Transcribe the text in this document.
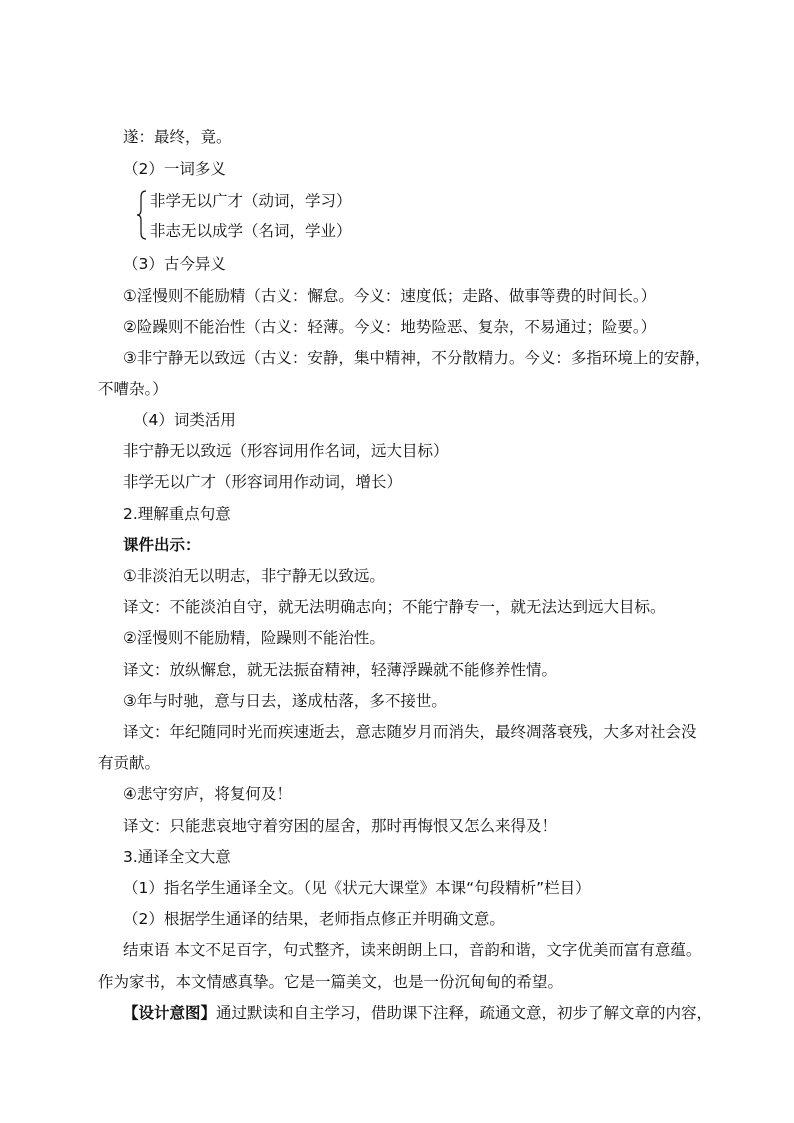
遂：最终，竟。
（2）一词多义
非学无以广才（动词，学习）
非志无以成学（名词，学业）
（3）古今异义
①淫慢则不能励精（古义：懈怠。今义：速度低；走路、做事等费的时间长。）
②险躁则不能治性（古义：轻薄。今义：地势险恶、复杂，不易通过；险要。）
③非宁静无以致远（古义：安静，集中精神，不分散精力。今义：多指环境上的安静，
不嘈杂。）
（4）词类活用
非宁静无以致远（形容词用作名词，远大目标）
非学无以广才（形容词用作动词，增长）
2.理解重点句意
课件出示：
①非淡泊无以明志，非宁静无以致远。
译文：不能淡泊自守，就无法明确志向；不能宁静专一，就无法达到远大目标。
②淫慢则不能励精，险躁则不能治性。
译文：放纵懈怠，就无法振奋精神，轻薄浮躁就不能修养性情。
③年与时驰，意与日去，遂成枯落，多不接世。
译文：年纪随同时光而疾速逝去，意志随岁月而消失，最终凋落衰残，大多对社会没
有贡献。
④悲守穷庐，将复何及！
译文：只能悲哀地守着穷困的屋舍，那时再悔恨又怎么来得及！
3.通译全文大意
（1）指名学生通译全文。（见《状元大课堂》本课“句段精析”栏目）
（2）根据学生通译的结果，老师指点修正并明确文意。
结束语 本文不足百字，句式整齐，读来朗朗上口，音韵和谐，文字优美而富有意蕴。
作为家书，本文情感真挚。它是一篇美文，也是一份沉甸甸的希望。
【设计意图】通过默读和自主学习，借助课下注释，疏通文意，初步了解文章的内容，
